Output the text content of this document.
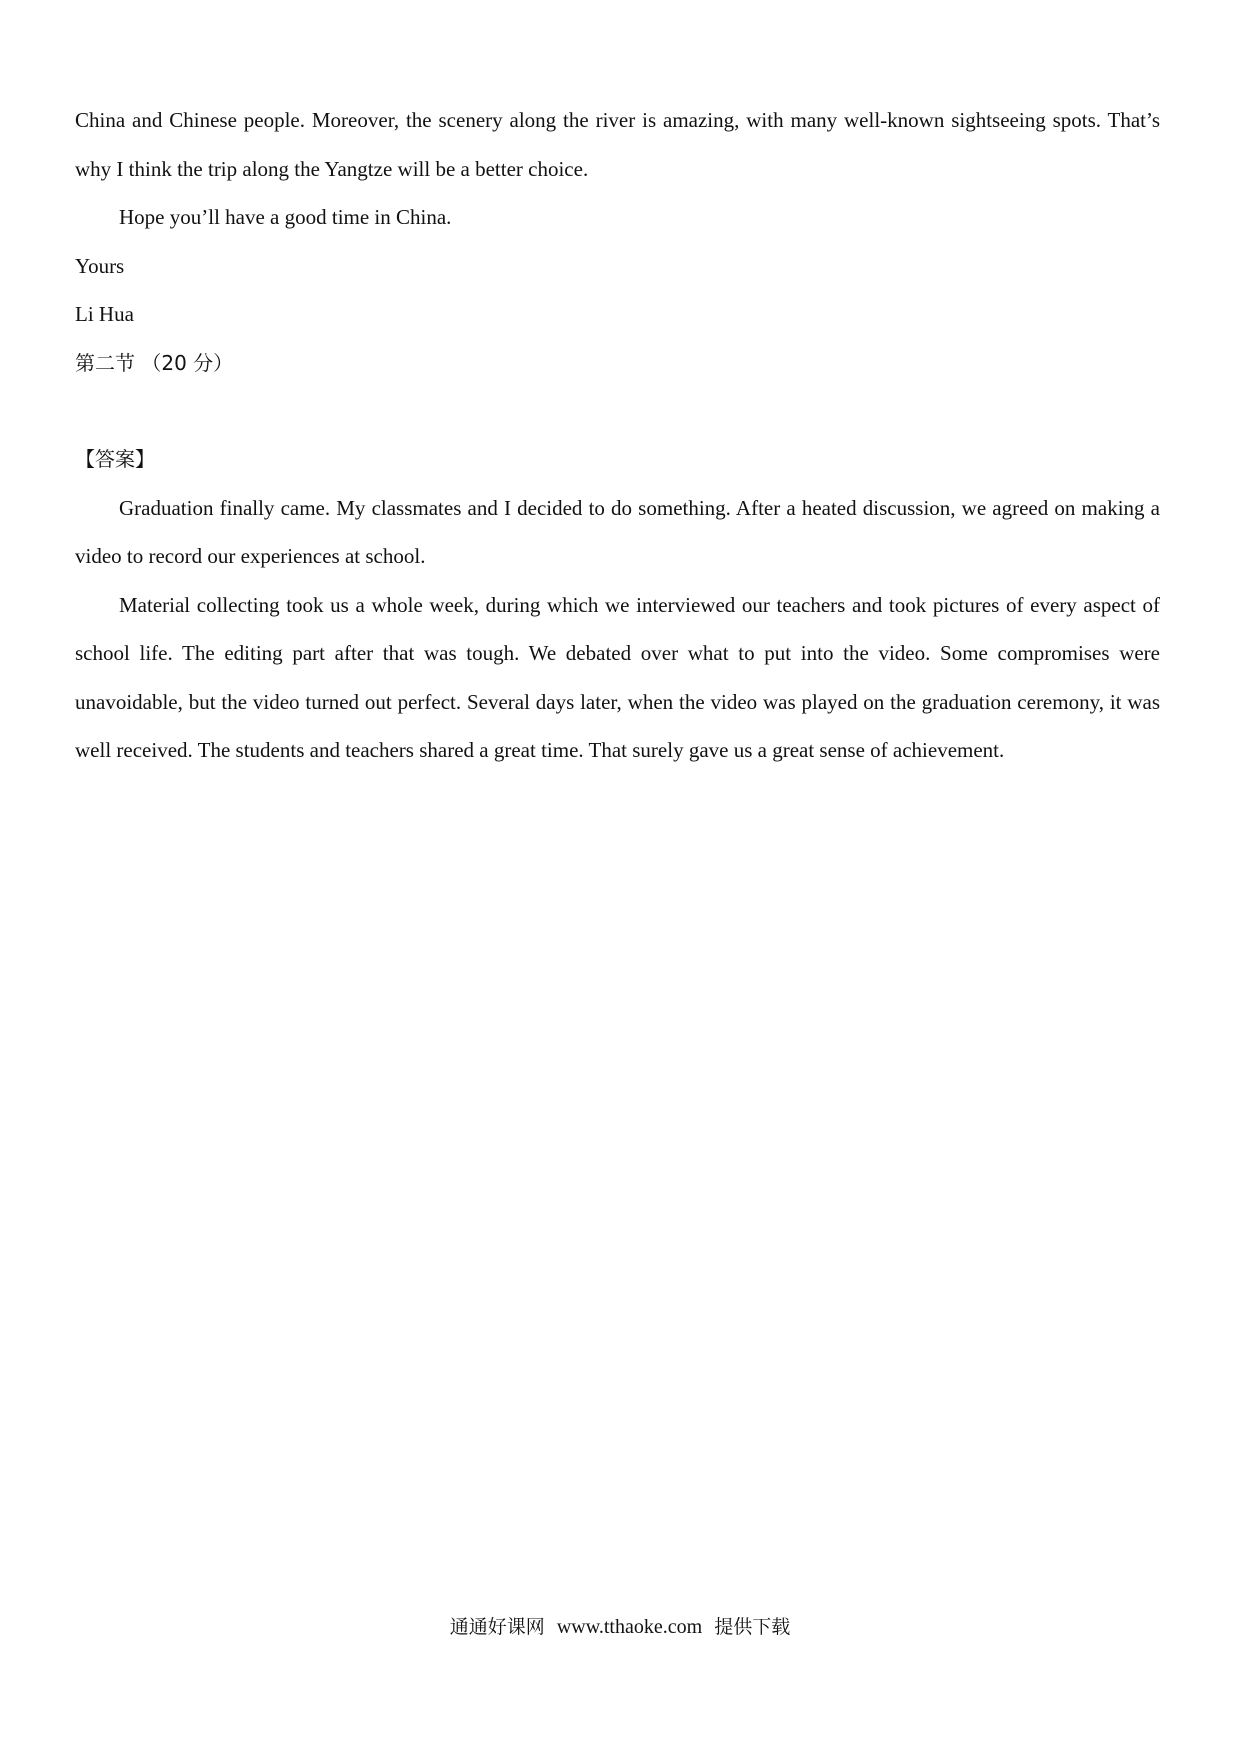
China and Chinese people. Moreover, the scenery along the river is amazing, with many well-known sightseeing spots. That’s why I think the trip along the Yangtze will be a better choice.

Hope you’ll have a good time in China.

Yours

Li Hua

第二节 （20 分）

【答案】

Graduation finally came. My classmates and I decided to do something. After a heated discussion, we agreed on making a video to record our experiences at school.

Material collecting took us a whole week, during which we interviewed our teachers and took pictures of every aspect of school life. The editing part after that was tough. We debated over what to put into the video. Some compromises were unavoidable, but the video turned out perfect. Several days later, when the video was played on the graduation ceremony, it was well received. The students and teachers shared a great time. That surely gave us a great sense of achievement.

通通好课网 www.tthaoke.com 提供下载
